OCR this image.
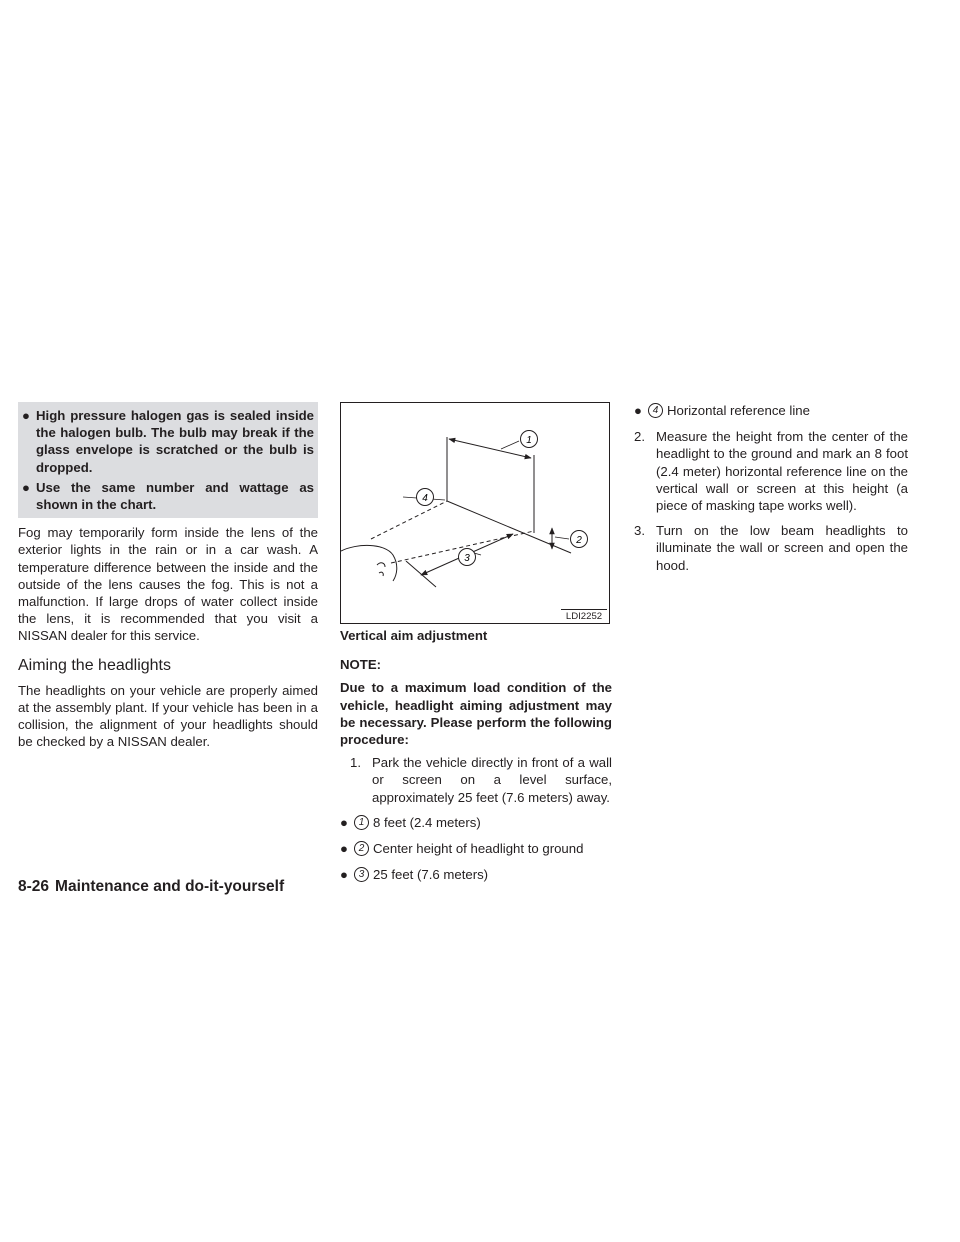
● High pressure halogen gas is sealed inside the halogen bulb. The bulb may break if the glass envelope is scratched or the bulb is dropped.
● Use the same number and wattage as shown in the chart.

Fog may temporarily form inside the lens of the exterior lights in the rain or in a car wash. A temperature difference between the inside and the outside of the lens causes the fog. This is not a malfunction. If large drops of water collect inside the lens, it is recommended that you visit a NISSAN dealer for this service.

Aiming the headlights

The headlights on your vehicle are properly aimed at the assembly plant. If your vehicle has been in a collision, the alignment of your headlights should be checked by a NISSAN dealer.

1
2
3
4
LDI2252
Vertical aim adjustment
NOTE:
Due to a maximum load condition of the vehicle, headlight aiming adjustment may be necessary. Please perform the following procedure:
1. Park the vehicle directly in front of a wall or screen on a level surface, approximately 25 feet (7.6 meters) away.
●	1 8 feet (2.4 meters)
●	2 Center height of headlight to ground
●	3 25 feet (7.6 meters)
●	4 Horizontal reference line
2. Measure the height from the center of the headlight to the ground and mark an 8 foot (2.4 meter) horizontal reference line on the vertical wall or screen at this height (a piece of masking tape works well).
3. Turn on the low beam headlights to illuminate the wall or screen and open the hood.
8-26 Maintenance and do-it-yourself
